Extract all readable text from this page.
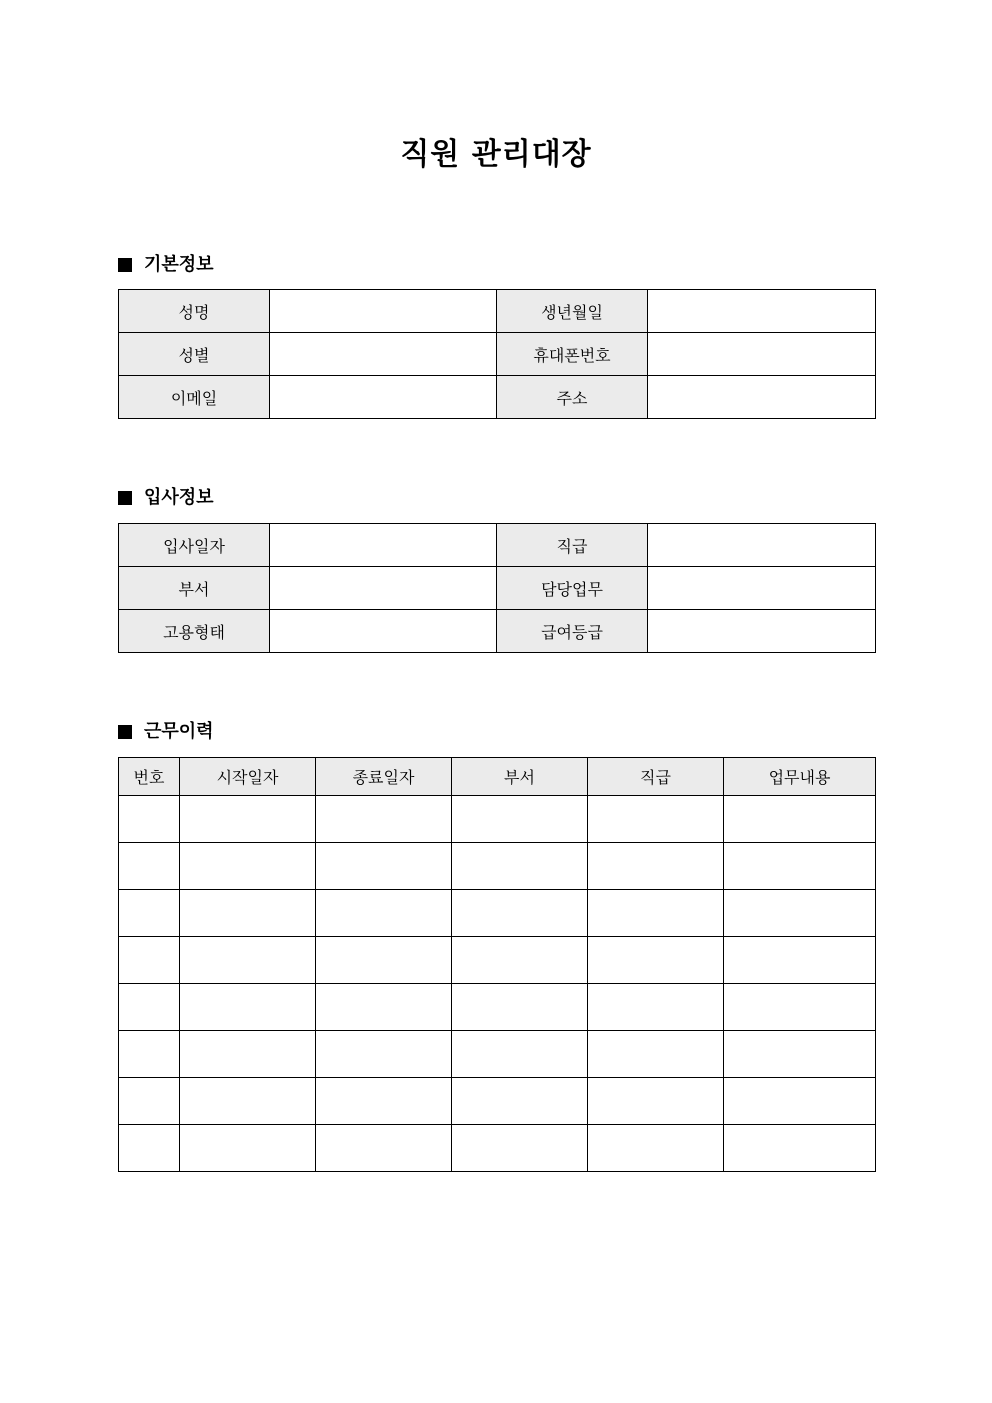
직원 관리대장
기본정보
성명		생년월일	
성별		휴대폰번호	
이메일		주소	
입사정보
입사일자		직급	
부서		담당업무	
고용형태		급여등급	
근무이력
번호	시작일자	종료일자	부서	직급	업무내용
